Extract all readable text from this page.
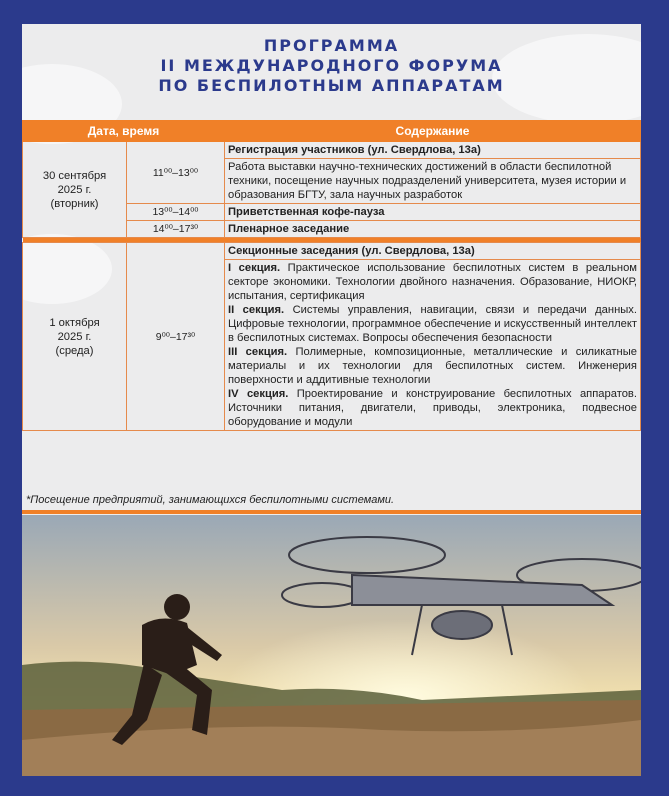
ПРОГРАММА
II МЕЖДУНАРОДНОГО ФОРУМА
ПО БЕСПИЛОТНЫМ АППАРАТАМ
Дата, время		Содержание
30 сентября
2025 г.
(вторник)	11⁰⁰–13⁰⁰	Регистрация участников (ул. Свердлова, 13а)
		Работа выставки научно-технических достижений в области беспилотной техники, посещение научных подразделений университета, музея истории и образования БГТУ, зала научных разработок
	13⁰⁰–14⁰⁰	Приветственная кофе-пауза
	14⁰⁰–17³⁰	Пленарное заседание

1 октября
2025 г.
(среда)	9⁰⁰–17³⁰	Секционные заседания (ул. Свердлова, 13а)

		I секция. Практическое использование беспилотных систем в реальном секторе экономики. Технологии двойного назначения. Образование, НИОКР, испытания, сертификация
II секция. Системы управления, навигации, связи и передачи данных. Цифровые технологии, программное обеспечение и искусственный интеллект в беспилотных системах. Вопросы обеспечения безопасности
III секция. Полимерные, композиционные, металлические и силикатные материалы и их технологии для беспилотных систем. Инженерия поверхности и аддитивные технологии
IV секция. Проектирование и конструирование беспилотных аппаратов. Источники питания, двигатели, приводы, электроника, подвесное оборудование и модули
*Посещение предприятий, занимающихся беспилотными системами.
